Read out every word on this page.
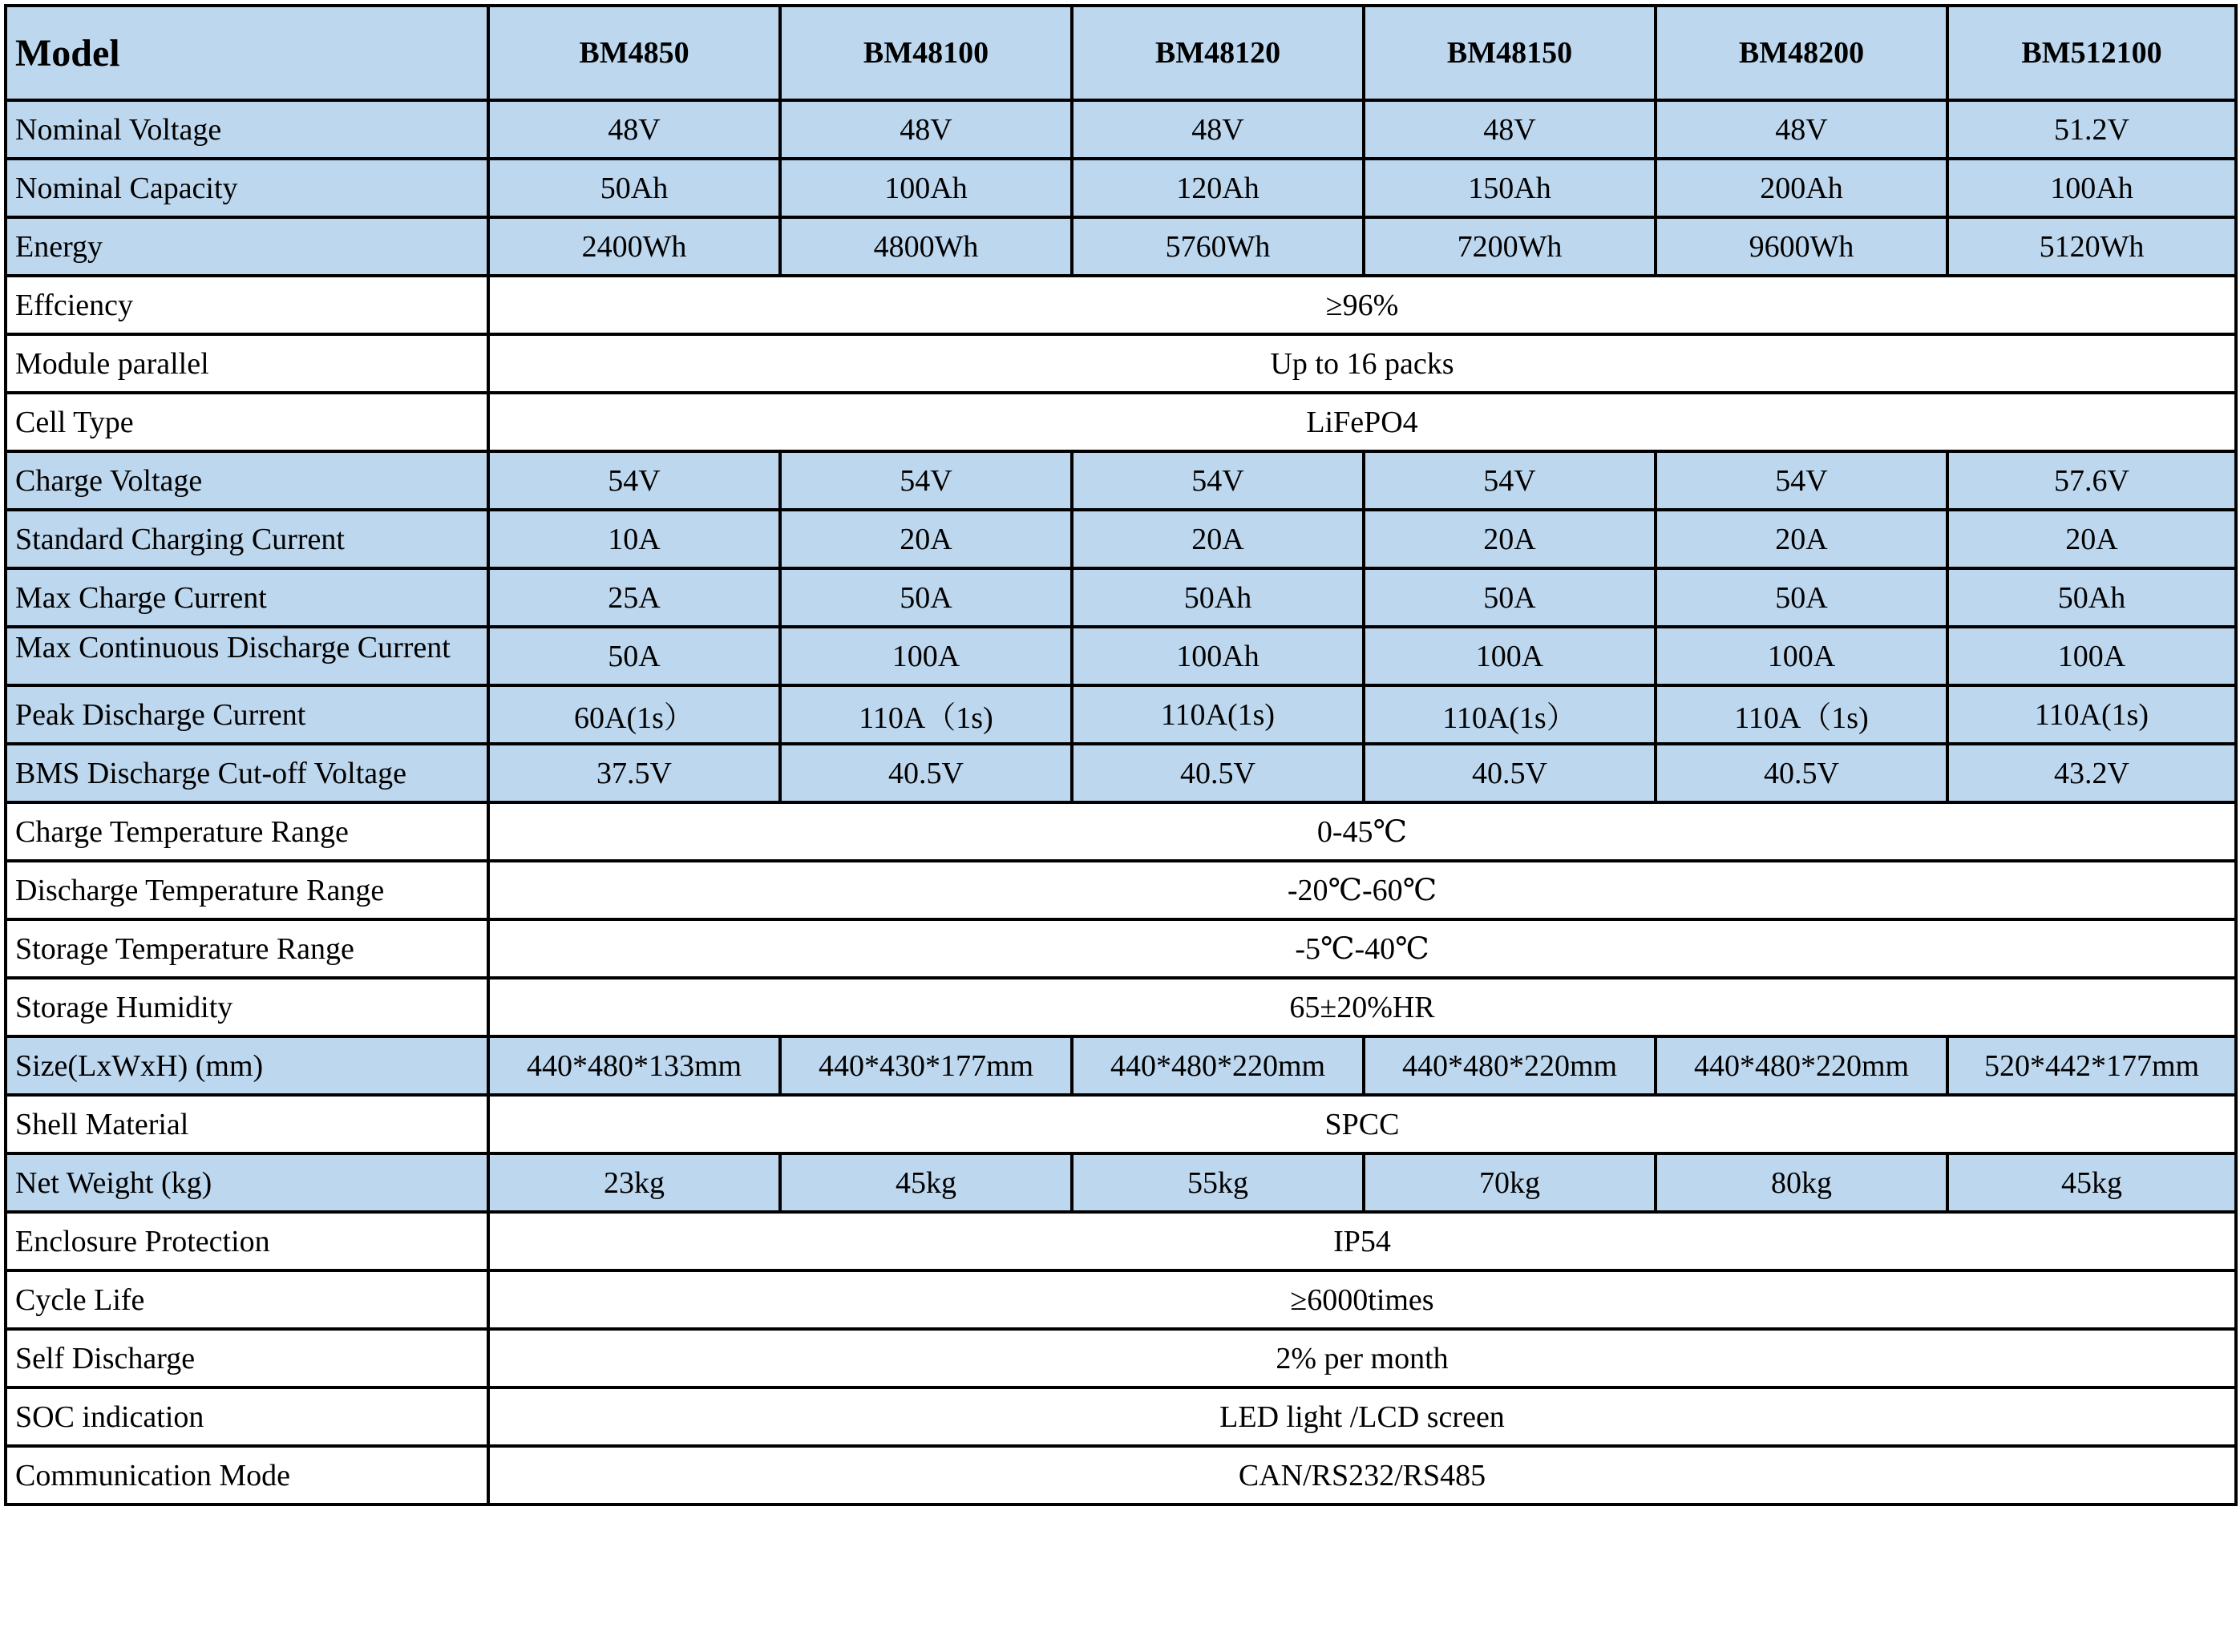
Model	BM4850	BM48100	BM48120	BM48150	BM48200	BM512100
Nominal Voltage	48V	48V	48V	48V	48V	51.2V
Nominal Capacity	50Ah	100Ah	120Ah	150Ah	200Ah	100Ah
Energy	2400Wh	4800Wh	5760Wh	7200Wh	9600Wh	5120Wh
Effciency	≥96%					
Module parallel	Up to 16 packs					
Cell Type	LiFePO4					
Charge Voltage	54V	54V	54V	54V	54V	57.6V
Standard Charging Current	10A	20A	20A	20A	20A	20A
Max Charge Current	25A	50A	50Ah	50A	50A	50Ah

Max Continuous Discharge Current	50A	100A	100Ah	100A	100A	100A
Peak Discharge Current	60A(1s）	110A（1s)	110A(1s)	110A(1s）	110A（1s)	110A(1s)
BMS Discharge Cut-off Voltage	37.5V	40.5V	40.5V	40.5V	40.5V	43.2V
Charge Temperature Range	0-45℃					
Discharge Temperature Range	-20℃-60℃					
Storage Temperature Range	-5℃-40℃					
Storage Humidity	65±20%HR					
Size(LxWxH) (mm)	440*480*133mm	440*430*177mm	440*480*220mm	440*480*220mm	440*480*220mm	520*442*177mm
Shell Material	SPCC					
Net Weight (kg)	23kg	45kg	55kg	70kg	80kg	45kg
Enclosure Protection	IP54					
Cycle Life	≥6000times					
Self Discharge	2% per month					
SOC indication	LED light /LCD screen					
Communication Mode	CAN/RS232/RS485					
